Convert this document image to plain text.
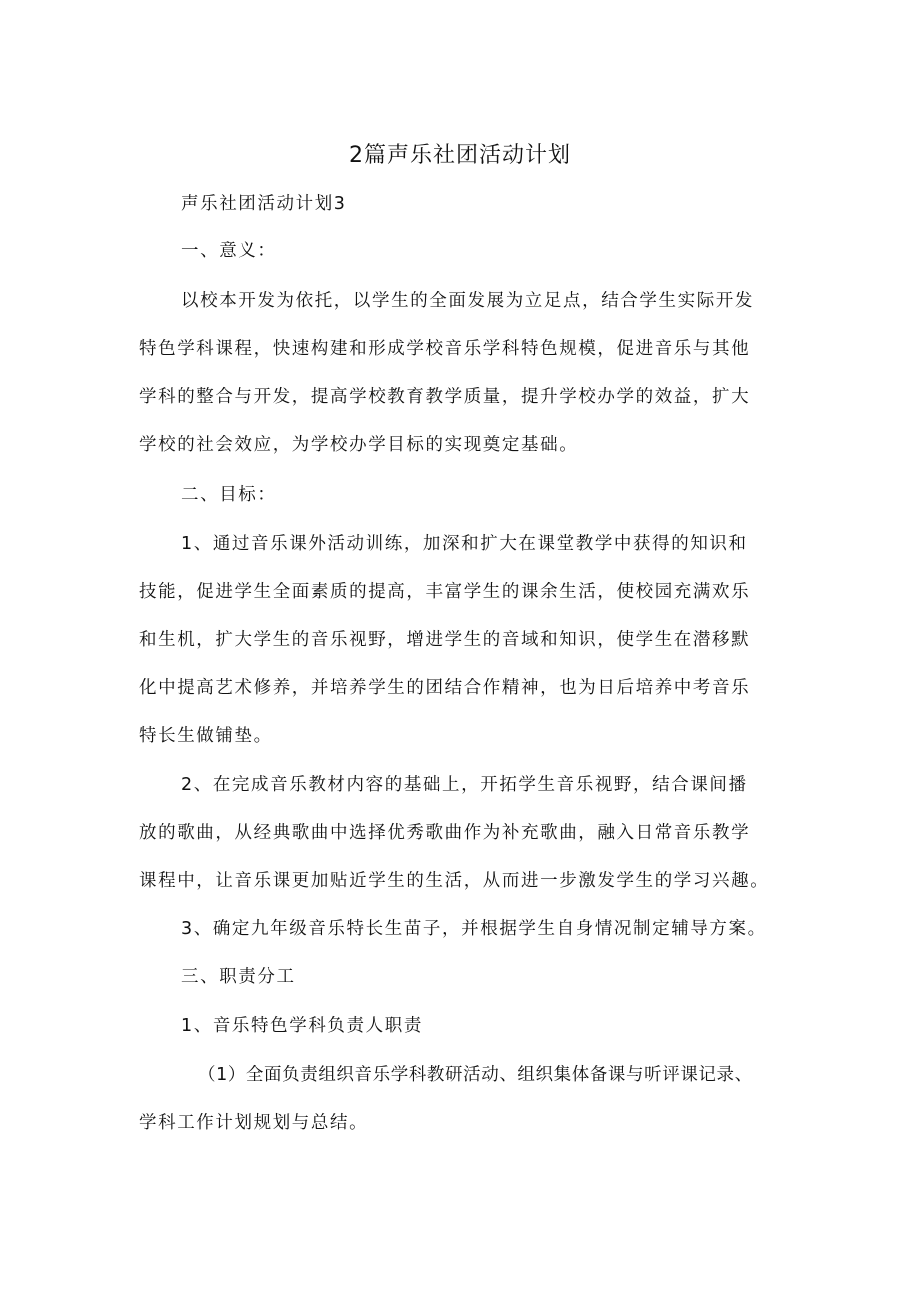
2篇声乐社团活动计划
声乐社团活动计划3
一、意义：
以校本开发为依托，以学生的全面发展为立足点，结合学生实际开发
特色学科课程，快速构建和形成学校音乐学科特色规模，促进音乐与其他
学科的整合与开发，提高学校教育教学质量，提升学校办学的效益，扩大
学校的社会效应，为学校办学目标的实现奠定基础。
二、目标：
1、通过音乐课外活动训练，加深和扩大在课堂教学中获得的知识和
技能，促进学生全面素质的提高，丰富学生的课余生活，使校园充满欢乐
和生机，扩大学生的音乐视野，增进学生的音域和知识，使学生在潜移默
化中提高艺术修养，并培养学生的团结合作精神，也为日后培养中考音乐
特长生做铺垫。
2、在完成音乐教材内容的基础上，开拓学生音乐视野，结合课间播
放的歌曲，从经典歌曲中选择优秀歌曲作为补充歌曲，融入日常音乐教学
课程中，让音乐课更加贴近学生的生活，从而进一步激发学生的学习兴趣。
3、确定九年级音乐特长生苗子，并根据学生自身情况制定辅导方案。
三、职责分工
1、音乐特色学科负责人职责
（1）全面负责组织音乐学科教研活动、组织集体备课与听评课记录、
学科工作计划规划与总结。
